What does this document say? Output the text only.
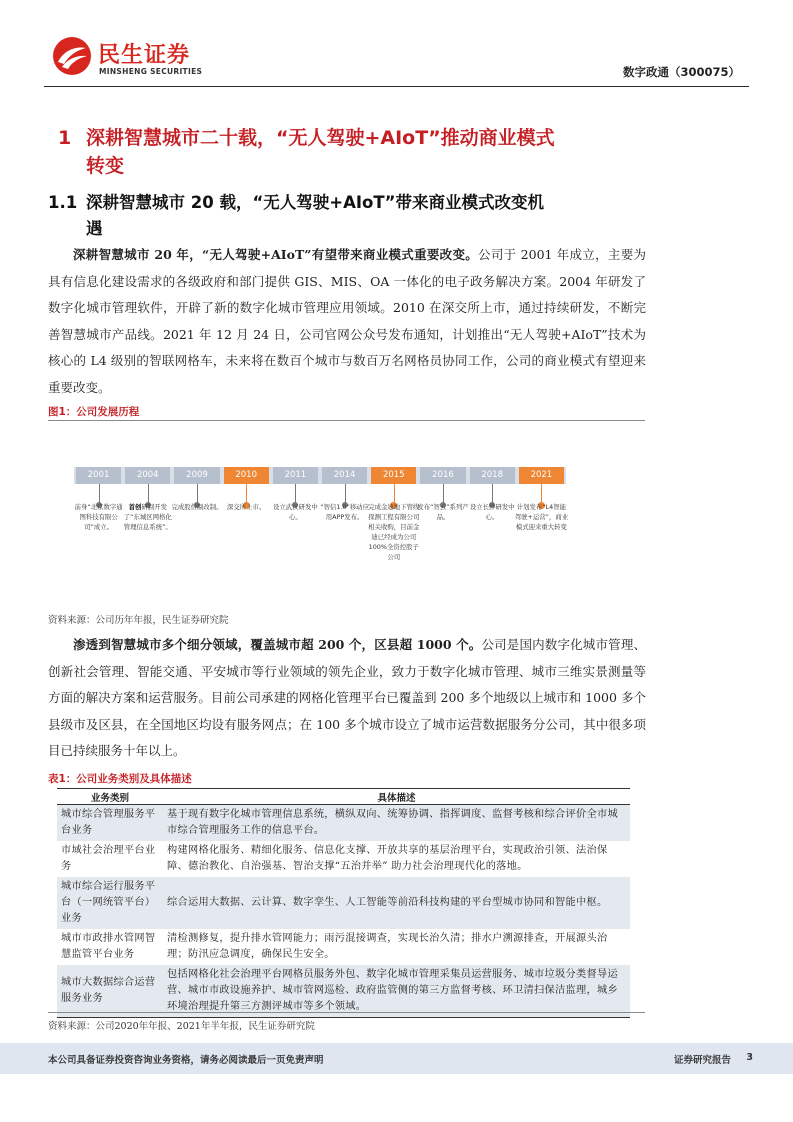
民生证券
MINSHENG SECURITIES	数字政通（300075）
1 深耕智慧城市二十载，“无人驾驶+AIoT”推动商业模式
转变
1.1 深耕智慧城市 20 载，“无人驾驶+AIoT”带来商业模式改变机
遇
深耕智慧城市 20 年，“无人驾驶+AIoT”有望带来商业模式重要改变。公司于 2001 年成立，主要为具有信息化建设需求的各级政府和部门提供 GIS、MIS、OA 一体化的电子政务解决方案。2004 年研发了数字化城市管理软件，开辟了新的数字化城市管理应用领域。2010 在深交所上市，通过持续研发，不断完善智慧城市产品线。2021 年 12 月 24 日，公司官网公众号发布通知，计划推出“无人驾驶+AIoT”技术为核心的 L4 级别的智联网格车，未来将在数百个城市与数百万名网格员协同工作，公司的商业模式有望迎来重要改变。
图1：公司发展历程
2001
前身“北京数字通图科技有限公司”成立。
2004
首创研制开发了“东城区网格化管理信息系统”。
2009
完成股份制改制。
2010
深交所上市。
2011
设立武汉研发中心。
2014
“智信1.0”移动应用APP发布。
2015
完成金迪地下管线探测工程有限公司相关收购，目前金迪已经成为公司100%全资控股子公司
2016
发布“智云”系列产品。
2018
设立长沙研发中心。
2021
计划发布“L4智能驾驶+运营”，商业模式迎来重大转变
资料来源：公司历年年报，民生证券研究院
渗透到智慧城市多个细分领域，覆盖城市超 200 个，区县超 1000 个。公司是国内数字化城市管理、创新社会管理、智能交通、平安城市等行业领域的领先企业，致力于数字化城市管理、城市三维实景测量等方面的解决方案和运营服务。目前公司承建的网格化管理平台已覆盖到 200 多个地级以上城市和 1000 多个县级市及区县，在全国地区均设有服务网点；在 100 多个城市设立了城市运营数据服务分公司，其中很多项目已持续服务十年以上。
表1：公司业务类别及具体描述
业务类别	具体描述
城市综合管理服务平台业务	基于现有数字化城市管理信息系统，横纵双向、统筹协调、指挥调度、监督考核和综合评价全市城市综合管理服务工作的信息平台。
市域社会治理平台业务	构建网格化服务、精细化服务、信息化支撑、开放共享的基层治理平台，实现政治引领、法治保障、德治教化、自治强基、智治支撑“五治并举” 助力社会治理现代化的落地。
城市综合运行服务平台（一网统管平台）业务	综合运用大数据、云计算、数字孪生、人工智能等前沿科技构建的平台型城市协同和智能中枢。
城市市政排水管网智慧监管平台业务	清检测修复，提升排水管网能力；雨污混接调查，实现长治久清；排水户溯源排查，开展源头治理；防汛应急调度，确保民生安全。
城市大数据综合运营服务业务	包括网格化社会治理平台网格员服务外包、数字化城市管理采集员运营服务、城市垃圾分类督导运营、城市市政设施养护、城市管网巡检、政府监管侧的第三方监督考核、环卫清扫保洁监理，城乡环境治理提升第三方测评城市等多个领域。
资料来源：公司2020年年报、2021年半年报，民生证券研究院
本公司具备证券投资咨询业务资格，请务必阅读最后一页免责声明	证券研究报告 3
